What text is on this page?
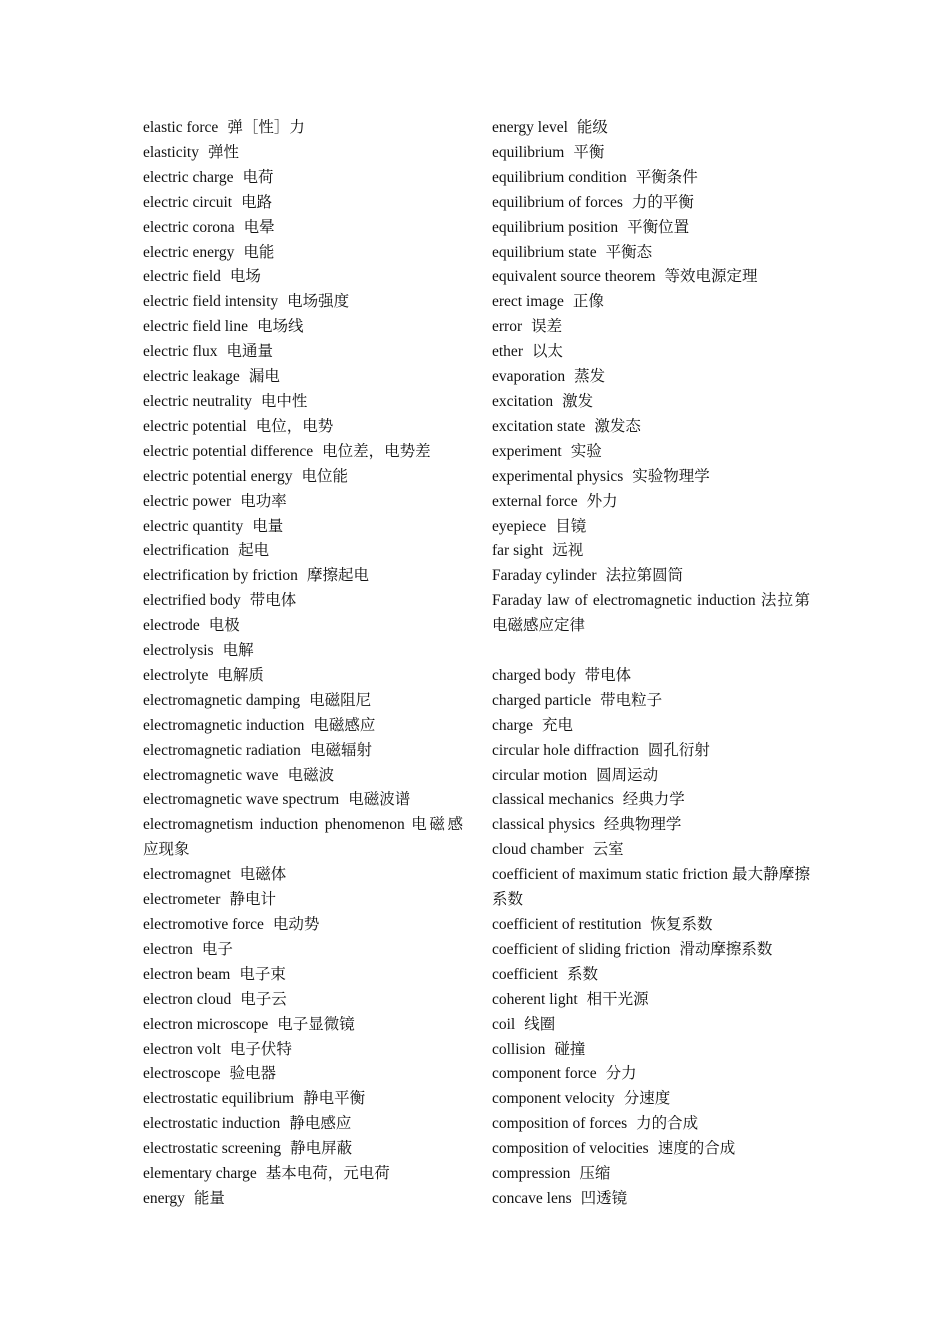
elastic force 弹［性］力
elasticity 弹性
electric charge 电荷
electric circuit 电路
electric corona 电晕
electric energy 电能
electric field 电场
electric field intensity 电场强度
electric field line 电场线
electric flux 电通量
electric leakage 漏电
electric neutrality 电中性
electric potential 电位，电势
electric potential difference 电位差，电势差
electric potential energy 电位能
electric power 电功率
electric quantity 电量
electrification 起电
electrification by friction 摩擦起电
electrified body 带电体
electrode 电极
electrolysis 电解
electrolyte 电解质
electromagnetic damping 电磁阻尼
electromagnetic induction 电磁感应
electromagnetic radiation 电磁辐射
electromagnetic wave 电磁波
electromagnetic wave spectrum 电磁波谱
electromagnetism induction phenomenon 电磁感应现象
electromagnet 电磁体
electrometer 静电计
electromotive force 电动势
electron 电子
electron beam 电子束
electron cloud 电子云
electron microscope 电子显微镜
electron volt 电子伏特
electroscope 验电器
electrostatic equilibrium 静电平衡
electrostatic induction 静电感应
electrostatic screening 静电屏蔽
elementary charge 基本电荷，元电荷
energy 能量
energy level 能级
equilibrium 平衡
equilibrium condition 平衡条件
equilibrium of forces 力的平衡
equilibrium position 平衡位置
equilibrium state 平衡态
equivalent source theorem 等效电源定理
erect image 正像
error 误差
ether 以太
evaporation 蒸发
excitation 激发
excitation state 激发态
experiment 实验
experimental physics 实验物理学
external force 外力
eyepiece 目镜
far sight 远视
Faraday cylinder 法拉第圆筒
Faraday law of electromagnetic induction 法拉第电磁感应定律
charged body 带电体
charged particle 带电粒子
charge 充电
circular hole diffraction 圆孔衍射
circular motion 圆周运动
classical mechanics 经典力学
classical physics 经典物理学
cloud chamber 云室
coefficient of maximum static friction 最大静摩擦系数
coefficient of restitution 恢复系数
coefficient of sliding friction 滑动摩擦系数
coefficient 系数
coherent light 相干光源
coil 线圈
collision 碰撞
component force 分力
component velocity 分速度
composition of forces 力的合成
composition of velocities 速度的合成
compression 压缩
concave lens 凹透镜
